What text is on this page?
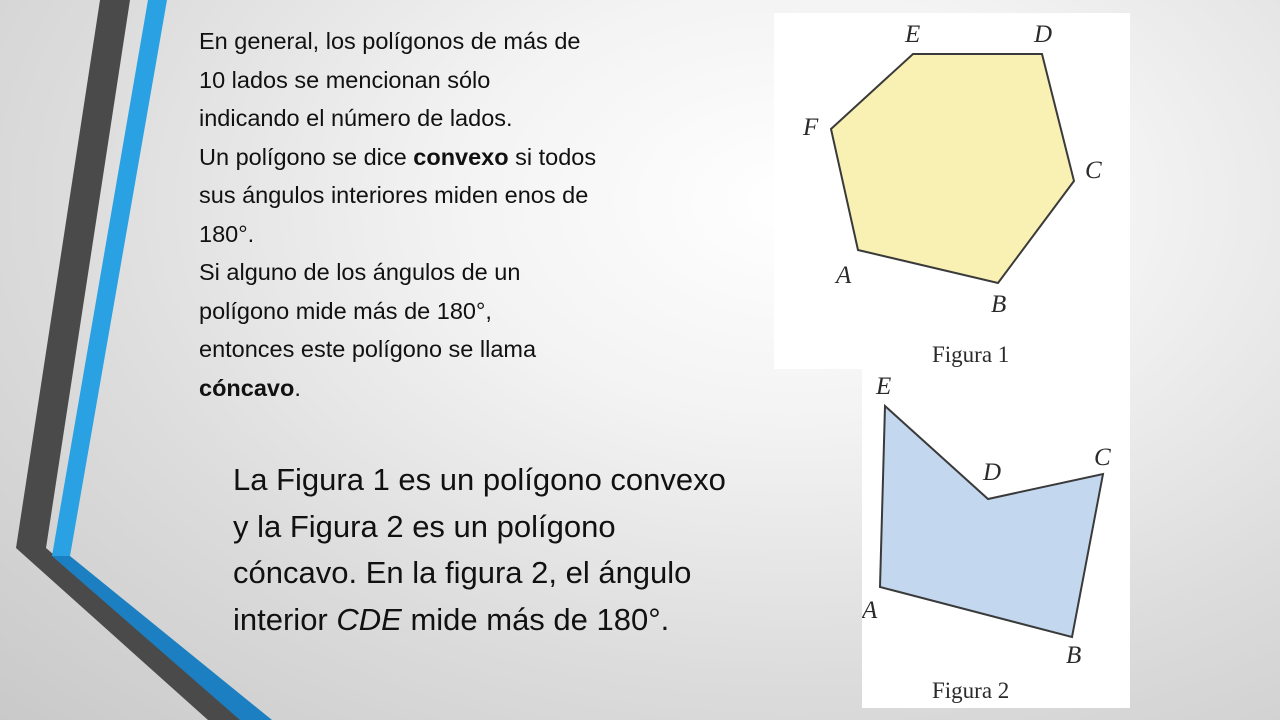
En general, los polígonos de más de
10 lados se mencionan sólo
indicando el número de lados.
Un polígono se dice convexo si todos
sus ángulos interiores miden enos de
180°.
Si alguno de los ángulos de un
polígono mide más de 180°,
entonces este polígono se llama
cóncavo.
La Figura 1 es un polígono convexo
y la Figura 2 es un polígono
cóncavo. En la figura 2, el ángulo
interior CDE mide más de 180°.
E	D
F
C
A
B
Figura 1
E
D
C
A
B
Figura 2
